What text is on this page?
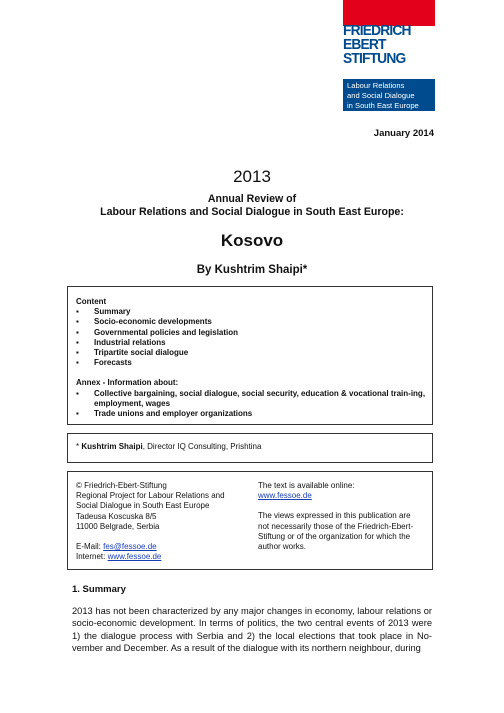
FRIEDRICH
EBERT
STIFTUNG
Labour Relations
and Social Dialogue
in South East Europe
January 2014
2013
Annual Review of
Labour Relations and Social Dialogue in South East Europe:
Kosovo
By Kushtrim Shaipi*
Content
▪ Summary
▪ Socio-economic developments
▪ Governmental policies and legislation
▪ Industrial relations
▪ Tripartite social dialogue
▪ Forecasts
Annex - Information about:
▪ Collective bargaining, social dialogue, social security, education & vocational train-ing, employment, wages
▪ Trade unions and employer organizations
* Kushtrim Shaipi, Director IQ Consulting, Prishtina
© Friedrich-Ebert-Stiftung
Regional Project for Labour Relations and
Social Dialogue in South East Europe
Tadeusa Koscuska 8/5
11000 Belgrade, Serbia
E-Mail: fes@fessoe.de
Internet: www.fessoe.de
The text is available online:
www.fessoe.de
The views expressed in this publication are
not necessarily those of the Friedrich-Ebert-
Stiftung or of the organization for which the
author works.
1. Summary
2013 has not been characterized by any major changes in economy, labour relations or socio-economic development. In terms of politics, the two central events of 2013 were 1) the dialogue process with Serbia and 2) the local elections that took place in No-vember and December. As a result of the dialogue with its northern neighbour, during
